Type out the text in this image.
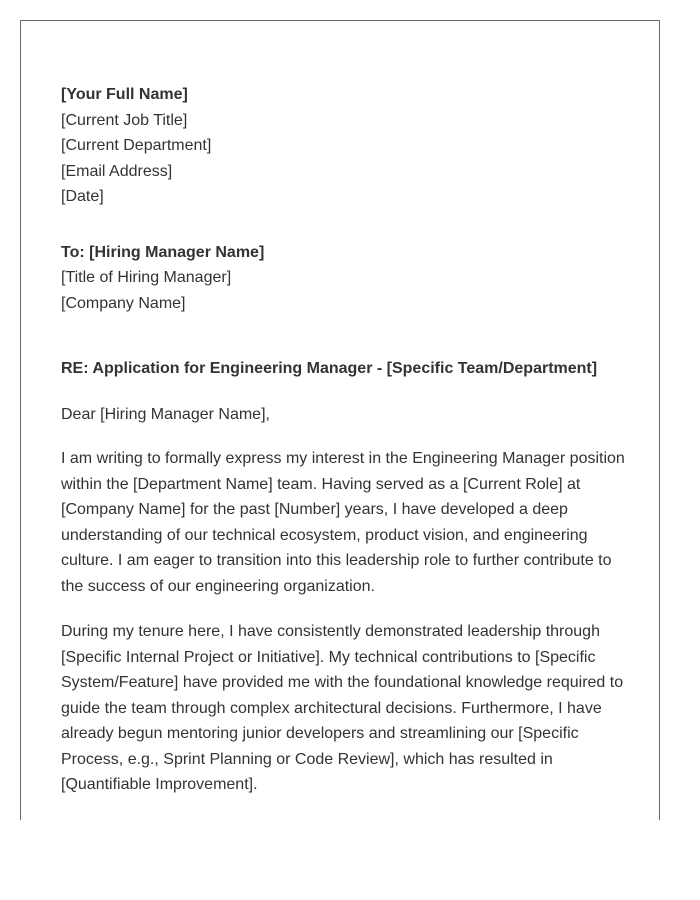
[Your Full Name]
[Current Job Title]
[Current Department]
[Email Address]
[Date]
To: [Hiring Manager Name]
[Title of Hiring Manager]
[Company Name]
RE: Application for Engineering Manager - [Specific Team/Department]
Dear [Hiring Manager Name],

I am writing to formally express my interest in the Engineering Manager position within the [Department Name] team. Having served as a [Current Role] at [Company Name] for the past [Number] years, I have developed a deep understanding of our technical ecosystem, product vision, and engineering culture. I am eager to transition into this leadership role to further contribute to the success of our engineering organization.

During my tenure here, I have consistently demonstrated leadership through [Specific Internal Project or Initiative]. My technical contributions to [Specific System/Feature] have provided me with the foundational knowledge required to guide the team through complex architectural decisions. Furthermore, I have already begun mentoring junior developers and streamlining our [Specific Process, e.g., Sprint Planning or Code Review], which has resulted in [Quantifiable Improvement].
